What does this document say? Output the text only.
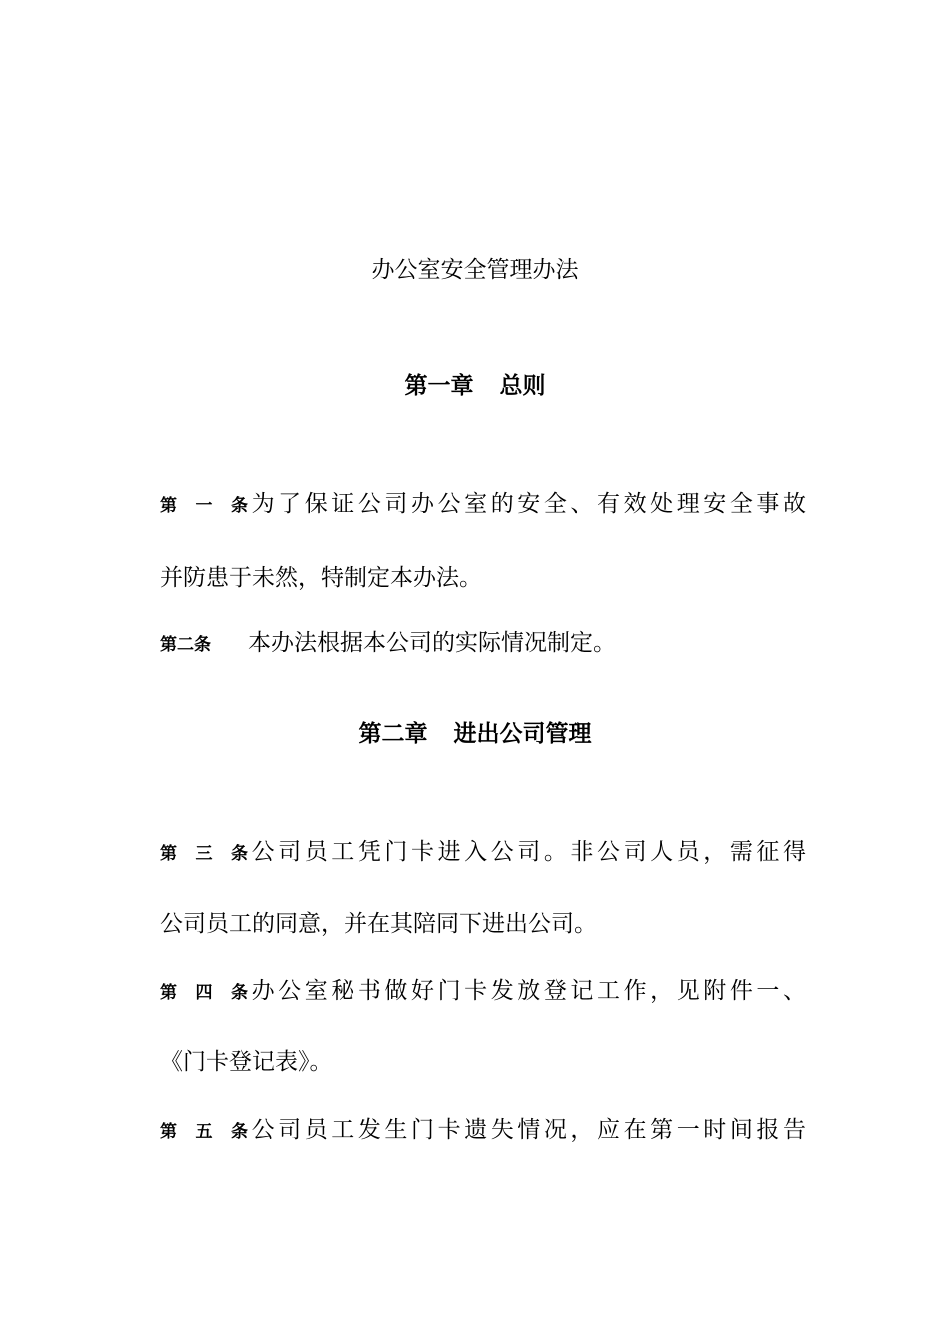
办公室安全管理办法
第一章 总则
第一条为了保证公司办公室的安全、有效处理安全事故
并防患于未然，特制定本办法。
第二条 本办法根据本公司的实际情况制定。
第二章 进出公司管理
第三条公司员工凭门卡进入公司。非公司人员，需征得
公司员工的同意，并在其陪同下进出公司。
第四条办公室秘书做好门卡发放登记工作，见附件一、
《门卡登记表》。
第五条公司员工发生门卡遗失情况，应在第一时间报告
